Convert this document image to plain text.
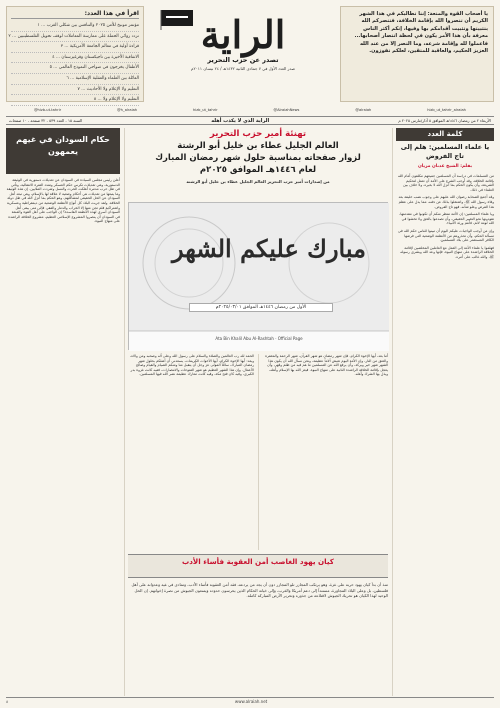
اقرأ في هذا العدد:
مؤتمر مونيخ للأمن ٢٠٢٥ والتنافس بين شكلي الغرب ... ١
تردد روائي الحملة على ممارسة المعاملات لوقف تحويل الفلسطينيين ... ٢
قراءة أولية في معالم الجامعة الأمريكية ... ٣
الاتفاقية الأخيرة بين تاجيكستان وقرغيزستان ... ٤
الأطفال يخرجون في ضواحي النموذج العالمي ... ٥
العائلة بين العلماء والعقلية الإسلامية ... ٦
التعليم ولا الإعلام ولا الأحاديث ... ٧
التعليم ولا الإعلام ولا ... ٨
الراية
تصدر عن حزب التحرير
صدر العدد الأول في ٧ جمادى الثانية ١٤٣٢هـ / ٢٤ نيسان ٢٠١١م
يا أصحاب القوة والمنعة: إننا نطالبكم في هذا الشهر الكريم أن تنصروا الله بإقامة الخلافة، فتنصركم الله بتثبيتها وتثبيت أقدامكم بها وفيها، إنكم أكثر الناس معرفة بأن هذا الأمر يكون في لحظة انتصار أصحابها... فاعملوا لله وإقامة شرعه، وما النصر إلا من عند الله العزيز الحكيم، والعاقبة للمتقين، لعلكم تفوزون.
@hizb-ut-tahrir	@h_alraiah	hizb_ut_tahrir	@AlraiahNews	@alraiah	hizb_ut_tahrir_alraiah
الأربعاء ٢ من رمضان ١٤٤٦هـ الموافق ٥ آذار/مارس ٢٠٢٥ م
الراية الذي لا يكذب أهله
السنة ١٥ - العدد ٥٣٩ - ٣٢ صفحة - ١٠ صفحات
كلمة العدد
يا علماء المسلمين: هلم إلى تاج الفروض
بقلم: الشيخ عدنان مزيان
من المسلمات في دراسة أن المسلمين جميعهم مكلفون أمام الله بإقامة الخلافة، وقد أوجب الشرع على الأمة أن تعمل لتحكيم الشريعة، وأن يكون الحكم بما أنزل الله لا بغيره، ولا خلاف بين العلماء في ذلك.
وقد أجمع الصحابة رضوان الله عليهم على وجوب نصب خليفة بعد وفاة رسول الله ﷺ، واشتغلوا بذلك عن دفنه، مما يدل على عظم هذا الفرض وعلو شأنه، فهو تاج الفروض.
ويا علماء المسلمين: إن الأمة تنتظر منكم أن تكونوا في مقدمتها، تقودونها نحو التغيير الحقيقي، وأن تصدعوا بالحق ولا تخشوا في الله لومة لائم، فأنتم ورثة الأنبياء.
وإن من أوجب الواجبات عليكم اليوم أن تبينوا للناس حكم الله في مسألة الحكم، وأن تحذروهم من الأنظمة الوضعية التي فرضها الكافر المستعمر على بلاد المسلمين.
فهلموا يا علماء الأمة إلى العمل مع العاملين المخلصين لإقامة الخلافة الراشدة على منهاج النبوة، فإنها وعد الله وبشرى رسوله ﷺ، والله غالب على أمره.
تهنئة أمير حزب التحرير
العالم الجليل عطاء بن خليل أبو الرشتة
لزوار صفحاته بمناسبة حلول شهر رمضان المبارك
لعام ١٤٤٦هـ الموافق ٢٠٢٥م
من إصدارات أمير حزب التحرير العالم الجليل عطاء بن خليل أبو الرشتة
مبارك عليكم الشهر
الأول من رمضان ١٤٤٦هـ الموافق ٢٠٢٥/٠٣/٠١م
Ata Bin Khalil Abu Al-Rashtah · Official Page
أما بعد، أيها الإخوة الكرام، فإن شهر رمضان هو شهر القرآن، شهر الرحمة والمغفرة والعتق من النار، وإن الأمة اليوم تعيش آلاماً عظيمة، ونحن نسأل الله أن يكون هذا الشهر شهر خير وبركة، وأن يرفع الله عن المسلمين ما هم فيه من ظلم وقهر، وأن يعجل بإقامة الخلافة الراشدة الثانية على منهاج النبوة، فيعز الله بها الإسلام وأهله، ويذل بها الشرك وأهله.
الحمد لله رب العالمين والصلاة والسلام على رسول الله وعلى آله وصحبه ومن والاه، وبعد: أيها الإخوة الكرام، أيها الأخوات الكريمات، يسعدني أن أهنئكم بحلول شهر رمضان المبارك، سائلاً المولى عز وجل أن يتقبل منا ومنكم الصيام والقيام وصالح الأعمال. وإن هذا الشهر العظيم هو شهر الفتوحات والانتصارات، ففيه كانت غزوة بدر الكبرى، وفيه كان فتح مكة، وفيه كانت معارك عظيمة نصر الله فيها المسلمين.
كيان يهود الغاصب أمن العقوبة فأساء الأدب
منذ أن بدأ كيان يهود حربه على غزة، وهو يرتكب المجازر تلو المجازر دون أن يجد من يردعه، فقد أمن العقوبة فأساء الأدب، وتمادى في غيه وعدوانه على أهل فلسطين، بل وعلى البلاد المجاورة، مستنداً إلى دعم أمريكا والغرب، وإلى خيانة الحكام الذين يحرسون حدوده ويمنعون الجيوش من نصرة إخوانهم. إن الحل الوحيد لهذا الكيان هو تحريك الجيوش لاقتلاعه من جذوره وتحرير الأرض المباركة كاملة.
حكام السودان في غيهم يعمهون
أعلن رئيس مجلس السيادة في السودان عن تعديلات دستورية في الوثيقة الدستورية، وهي تعديلات تكرس حكم العسكر وتمدد الفترة الانتقالية، وتأتي في ظل حرب مدمرة أهلكت الحرث والنسل وشردت الملايين. إن هذه الوثيقة وما يتبعها من تعديلات هي أحكام وضعية لا علاقة لها بالإسلام، وهي تبعد أهل السودان عن الحل الحقيقي لمشاكلهم، وهو الحكم بما أنزل الله في ظل دولة الخلافة. ولقد جربت البلاد كل أنواع الأنظمة الوضعية من ديمقراطية وعسكرية واشتراكية فلم تجن منها إلا الخراب والدمار والفقر، فإلى متى يبقى أهل السودان أسرى لهذه الأنظمة الفاسدة؟ إن الواجب على أهل القوة والمنعة في السودان أن ينصروا المشروع الإسلامي العظيم، مشروع الخلافة الراشدة على منهاج النبوة.
٨	www.alraiah.net
